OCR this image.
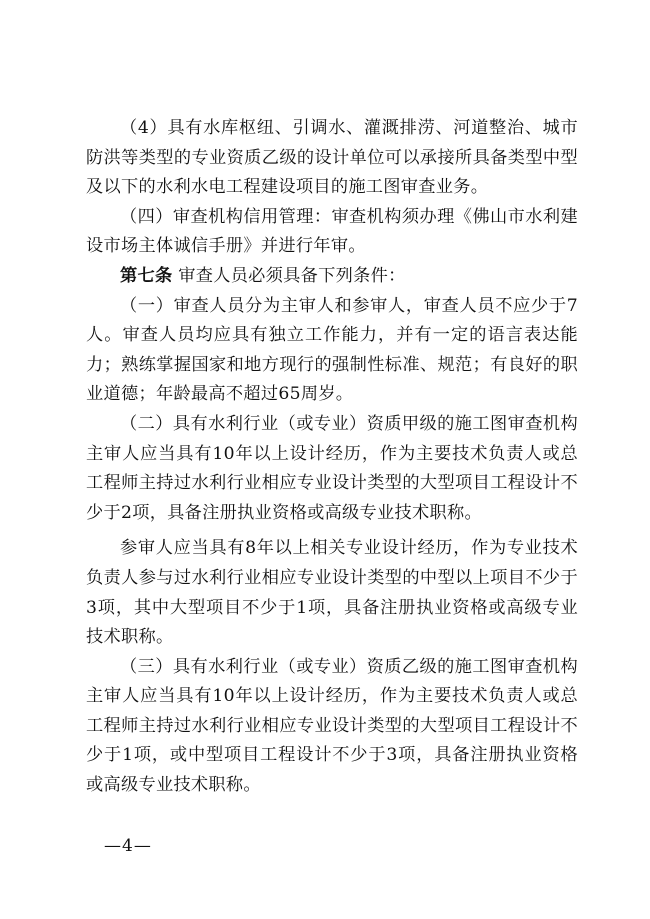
（4）具有水库枢纽、引调水、灌溉排涝、河道整治、城市防洪等类型的专业资质乙级的设计单位可以承接所具备类型中型及以下的水利水电工程建设项目的施工图审查业务。

（四）审查机构信用管理：审查机构须办理《佛山市水利建设市场主体诚信手册》并进行年审。

第七条 审查人员必须具备下列条件：

（一）审查人员分为主审人和参审人，审查人员不应少于7人。审查人员均应具有独立工作能力，并有一定的语言表达能力；熟练掌握国家和地方现行的强制性标准、规范；有良好的职业道德；年龄最高不超过65周岁。

（二）具有水利行业（或专业）资质甲级的施工图审查机构主审人应当具有10年以上设计经历，作为主要技术负责人或总工程师主持过水利行业相应专业设计类型的大型项目工程设计不少于2项，具备注册执业资格或高级专业技术职称。

参审人应当具有8年以上相关专业设计经历，作为专业技术负责人参与过水利行业相应专业设计类型的中型以上项目不少于3项，其中大型项目不少于1项，具备注册执业资格或高级专业技术职称。

（三）具有水利行业（或专业）资质乙级的施工图审查机构主审人应当具有10年以上设计经历，作为主要技术负责人或总工程师主持过水利行业相应专业设计类型的大型项目工程设计不少于1项，或中型项目工程设计不少于3项，具备注册执业资格或高级专业技术职称。

—4—
